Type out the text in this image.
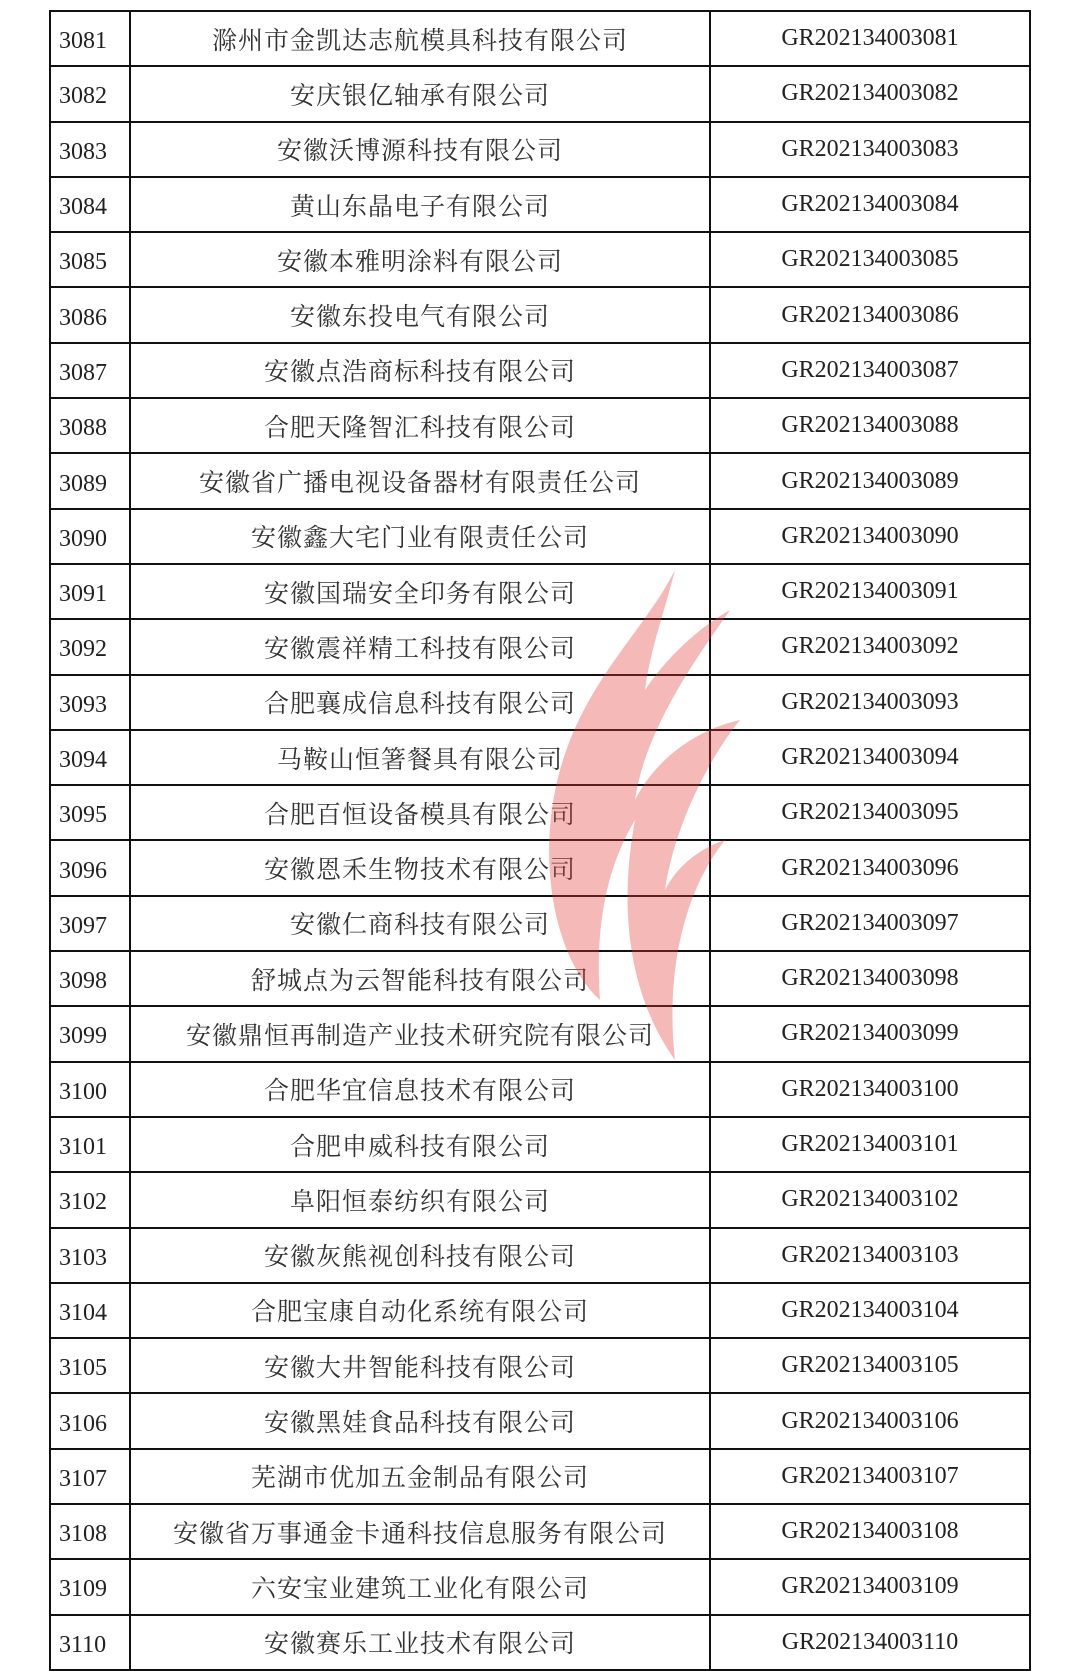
3081	滁州市金凯达志航模具科技有限公司	GR202134003081
3082	安庆银亿轴承有限公司	GR202134003082
3083	安徽沃博源科技有限公司	GR202134003083
3084	黄山东晶电子有限公司	GR202134003084
3085	安徽本雅明涂料有限公司	GR202134003085
3086	安徽东投电气有限公司	GR202134003086
3087	安徽点浩商标科技有限公司	GR202134003087
3088	合肥天隆智汇科技有限公司	GR202134003088
3089	安徽省广播电视设备器材有限责任公司	GR202134003089
3090	安徽鑫大宅门业有限责任公司	GR202134003090
3091	安徽国瑞安全印务有限公司	GR202134003091
3092	安徽震祥精工科技有限公司	GR202134003092
3093	合肥襄成信息科技有限公司	GR202134003093
3094	马鞍山恒箸餐具有限公司	GR202134003094
3095	合肥百恒设备模具有限公司	GR202134003095
3096	安徽恩禾生物技术有限公司	GR202134003096
3097	安徽仁商科技有限公司	GR202134003097
3098	舒城点为云智能科技有限公司	GR202134003098
3099	安徽鼎恒再制造产业技术研究院有限公司	GR202134003099
3100	合肥华宜信息技术有限公司	GR202134003100
3101	合肥申威科技有限公司	GR202134003101
3102	阜阳恒泰纺织有限公司	GR202134003102
3103	安徽灰熊视创科技有限公司	GR202134003103
3104	合肥宝康自动化系统有限公司	GR202134003104
3105	安徽大井智能科技有限公司	GR202134003105
3106	安徽黑娃食品科技有限公司	GR202134003106
3107	芜湖市优加五金制品有限公司	GR202134003107
3108	安徽省万事通金卡通科技信息服务有限公司	GR202134003108
3109	六安宝业建筑工业化有限公司	GR202134003109
3110	安徽赛乐工业技术有限公司	GR202134003110
